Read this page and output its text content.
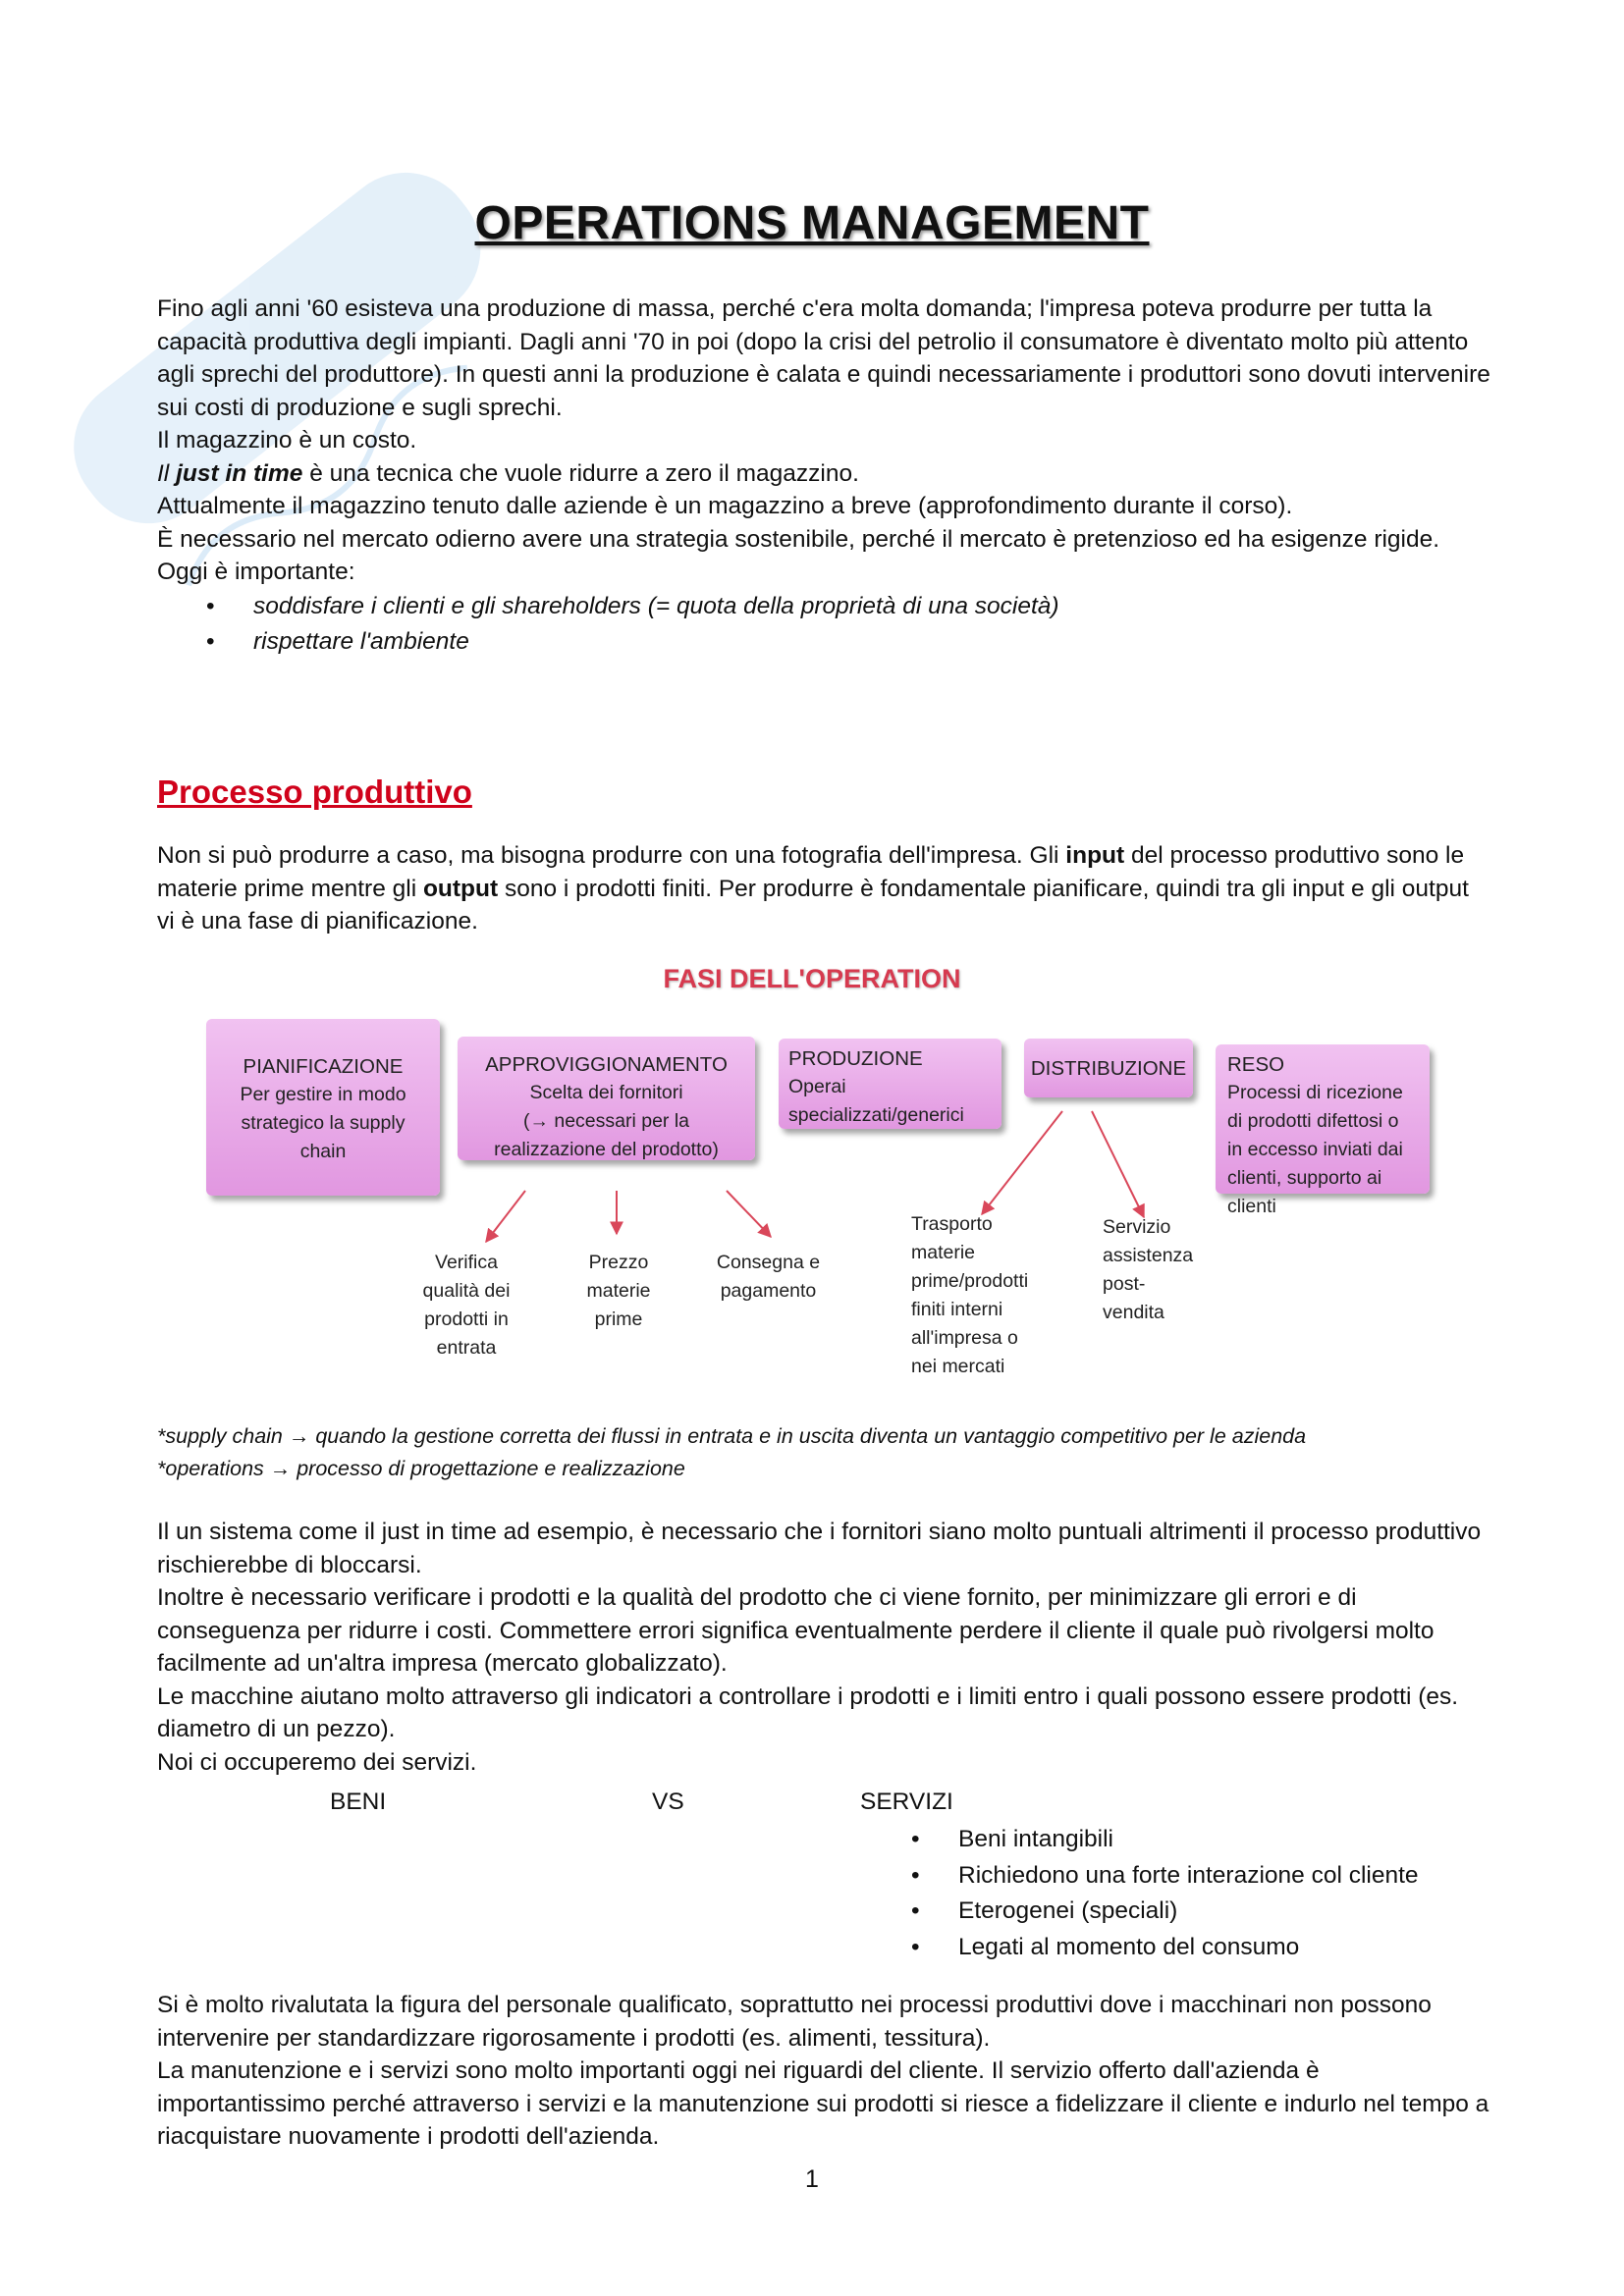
OPERATIONS MANAGEMENT

Fino agli anni '60 esisteva una produzione di massa, perché c'era molta domanda; l'impresa poteva produrre per tutta la capacità produttiva degli impianti. Dagli anni '70 in poi (dopo la crisi del petrolio il consumatore è diventato molto più attento agli sprechi del produttore). In questi anni la produzione è calata e quindi necessariamente i produttori sono dovuti intervenire sui costi di produzione e sugli sprechi.

Il magazzino è un costo.

Il just in time è una tecnica che vuole ridurre a zero il magazzino.

Attualmente il magazzino tenuto dalle aziende è un magazzino a breve (approfondimento durante il corso).

È necessario nel mercato odierno avere una strategia sostenibile, perché il mercato è pretenzioso ed ha esigenze rigide.

Oggi è importante:

• soddisfare i clienti e gli shareholders (= quota della proprietà di una società)
• rispettare l'ambiente
Processo produttivo

Non si può produrre a caso, ma bisogna produrre con una fotografia dell'impresa. Gli input del processo produttivo sono le materie prime mentre gli output sono i prodotti finiti. Per produrre è fondamentale pianificare, quindi tra gli input e gli output vi è una fase di pianificazione.

FASI DELL'OPERATION
PIANIFICAZIONE
Per gestire in modo strategico la supply chain
APPROVIGGIONAMENTO
Scelta dei fornitori
(→ necessari per la
realizzazione del prodotto)
PRODUZIONE
Operai specializzati/generici
DISTRIBUZIONE RESO
Processi di ricezione di prodotti difettosi o in eccesso inviati dai clienti, supporto ai clienti
Verifica qualità dei prodotti in entrata
Prezzo materie prime
Consegna e pagamento
Trasporto materie prime/prodotti finiti interni all'impresa o nei mercati
Servizio assistenza post-vendita
*supply chain → quando la gestione corretta dei flussi in entrata e in uscita diventa un vantaggio competitivo per le azienda
*operations → processo di progettazione e realizzazione

Il un sistema come il just in time ad esempio, è necessario che i fornitori siano molto puntuali altrimenti il processo produttivo rischierebbe di bloccarsi.

Inoltre è necessario verificare i prodotti e la qualità del prodotto che ci viene fornito, per minimizzare gli errori e di conseguenza per ridurre i costi. Commettere errori significa eventualmente perdere il cliente il quale può rivolgersi molto facilmente ad un'altra impresa (mercato globalizzato).

Le macchine aiutano molto attraverso gli indicatori a controllare i prodotti e i limiti entro i quali possono essere prodotti (es. diametro di un pezzo).

Noi ci occuperemo dei servizi.

BENI	VS	SERVIZI
• Beni intangibili
• Richiedono una forte interazione col cliente
• Eterogenei (speciali)
• Legati al momento del consumo

Si è molto rivalutata la figura del personale qualificato, soprattutto nei processi produttivi dove i macchinari non possono intervenire per standardizzare rigorosamente i prodotti (es. alimenti, tessitura).

La manutenzione e i servizi sono molto importanti oggi nei riguardi del cliente. Il servizio offerto dall'azienda è importantissimo perché attraverso i servizi e la manutenzione sui prodotti si riesce a fidelizzare il cliente e indurlo nel tempo a riacquistare nuovamente i prodotti dell'azienda.

1
